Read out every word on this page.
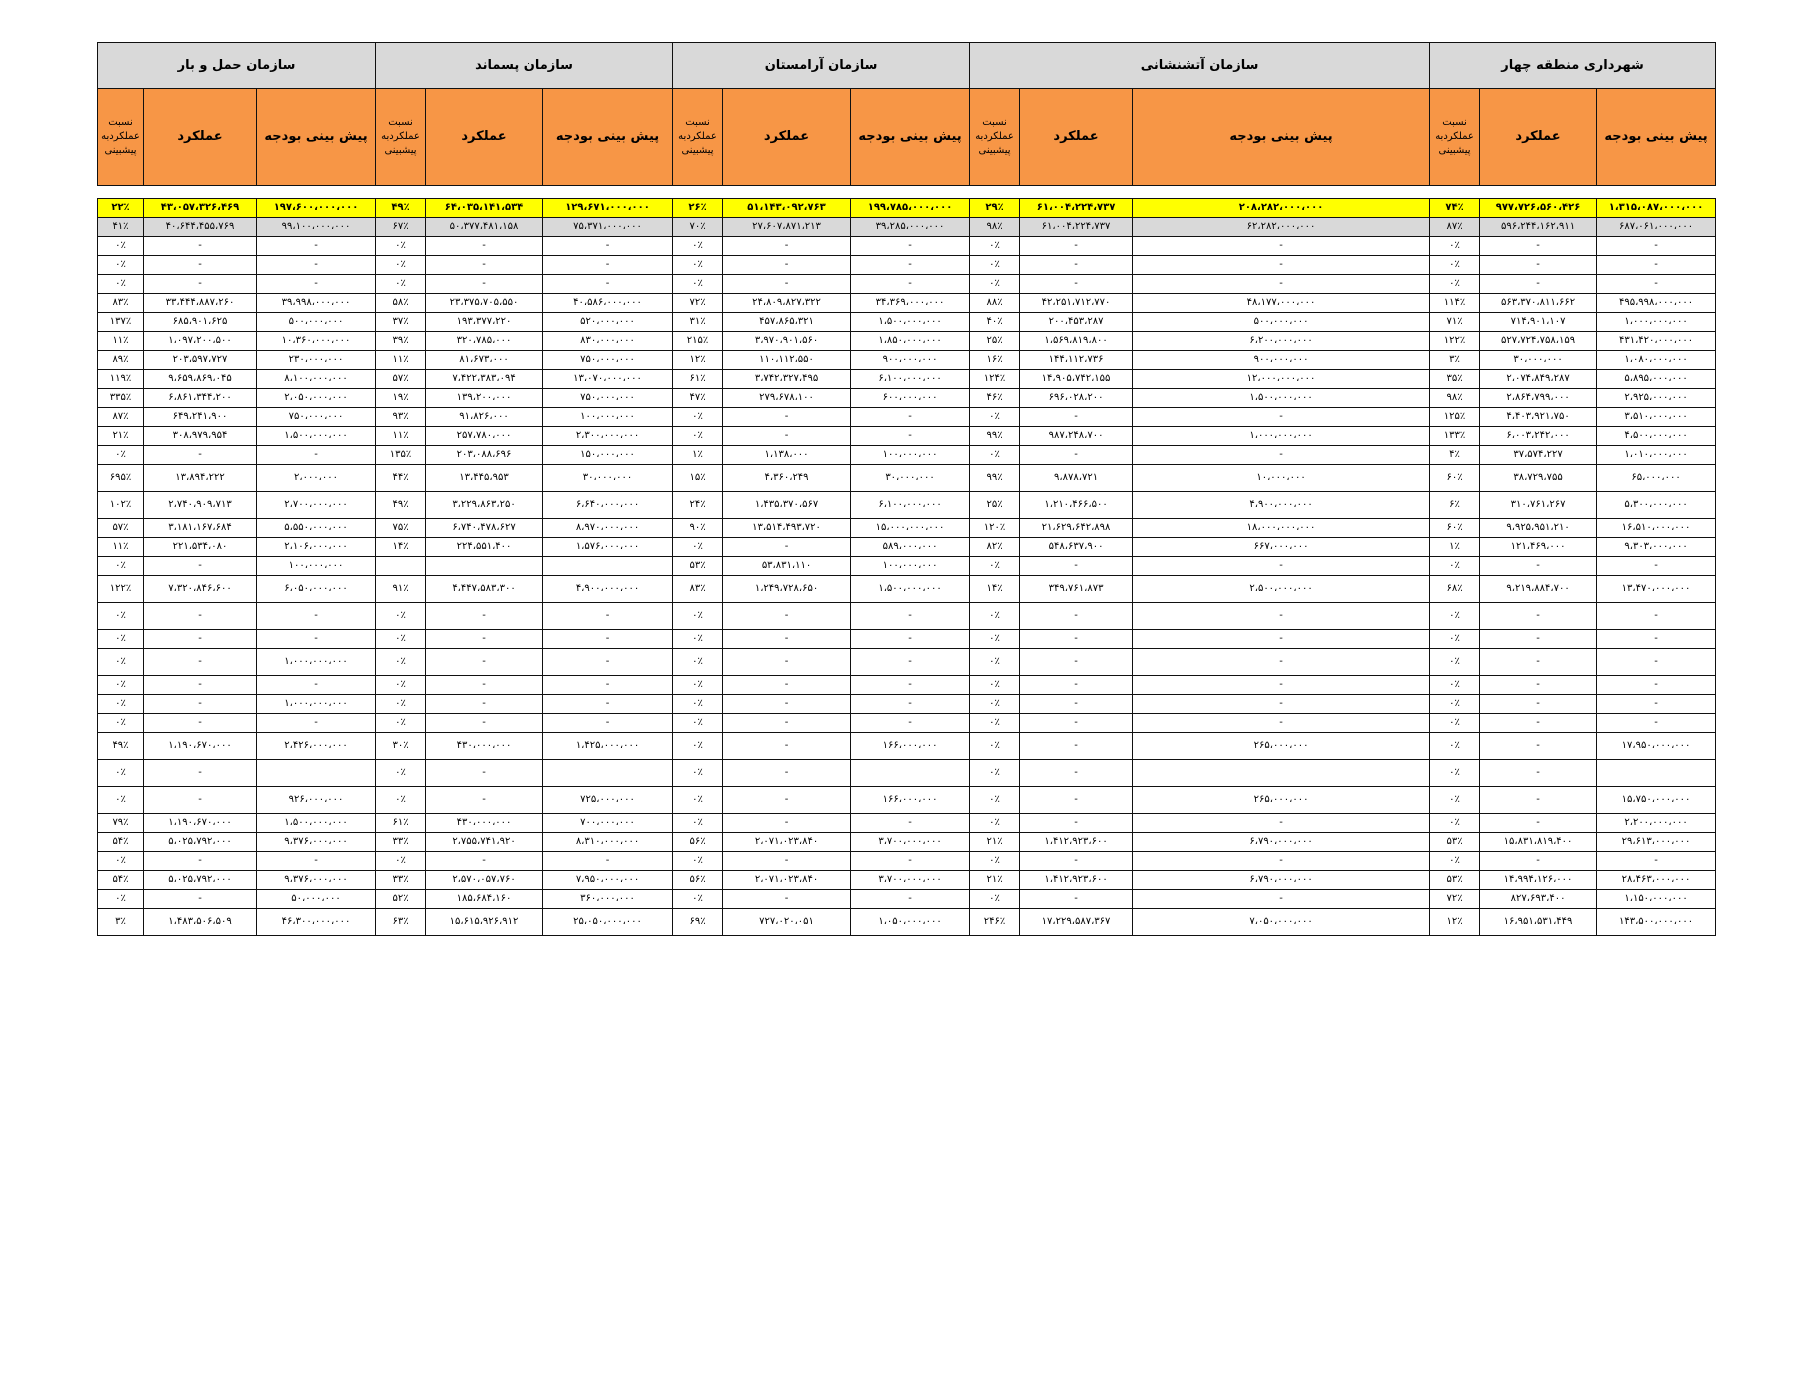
سازمان حمل و بار			سازمان پسماند			سازمان آرامستان			سازمان آتشنشانی			شهرداری منطقه چهار		
نسبت عملکردبه پیشبینی	عملکرد	پیش بینی بودجه	نسبت عملکردبه پیشبینی	عملکرد	پیش بینی بودجه	نسبت عملکردبه پیشبینی	عملکرد	پیش بینی بودجه	نسبت عملکردبه پیشبینی	عملکرد	پیش بینی بودجه	نسبت عملکردبه پیشبینی	عملکرد	پیش بینی بودجه

۲۲٪	۴۳،۰۵۷،۳۲۶،۴۶۹	۱۹۷،۶۰۰،۰۰۰،۰۰۰	۴۹٪	۶۴،۰۳۵،۱۴۱،۵۳۴	۱۲۹،۶۷۱،۰۰۰،۰۰۰	۲۶٪	۵۱،۱۴۳،۰۹۲،۷۶۳	۱۹۹،۷۸۵،۰۰۰،۰۰۰	۲۹٪	۶۱،۰۰۴،۲۲۴،۷۳۷	۲۰۸،۲۸۲،۰۰۰،۰۰۰	۷۴٪	۹۷۷،۷۲۶،۵۶۰،۴۲۶	۱،۳۱۵،۰۸۷،۰۰۰،۰۰۰
۴۱٪	۴۰،۶۴۴،۴۵۵،۷۶۹	۹۹،۱۰۰،۰۰۰،۰۰۰	۶۷٪	۵۰،۳۷۷،۴۸۱،۱۵۸	۷۵،۳۷۱،۰۰۰،۰۰۰	۷۰٪	۲۷،۶۰۷،۸۷۱،۲۱۳	۳۹،۲۸۵،۰۰۰،۰۰۰	۹۸٪	۶۱،۰۰۴،۲۲۴،۷۳۷	۶۲،۲۸۲،۰۰۰،۰۰۰	۸۷٪	۵۹۶،۲۴۴،۱۶۲،۹۱۱	۶۸۷،۰۶۱،۰۰۰،۰۰۰
۰٪	-	-	۰٪	-	-	۰٪	-	-	۰٪	-	-	۰٪	-	-
۰٪	-	-	۰٪	-	-	۰٪	-	-	۰٪	-	-	۰٪	-	-
۰٪	-	-	۰٪	-	-	۰٪	-	-	۰٪	-	-	۰٪	-	-
۸۳٪	۳۳،۴۴۴،۸۸۷،۲۶۰	۳۹،۹۹۸،۰۰۰،۰۰۰	۵۸٪	۲۳،۳۷۵،۷۰۵،۵۵۰	۴۰،۵۸۶،۰۰۰،۰۰۰	۷۲٪	۲۴،۸۰۹،۸۲۷،۳۲۲	۳۴،۳۶۹،۰۰۰،۰۰۰	۸۸٪	۴۲،۲۵۱،۷۱۲،۷۷۰	۴۸،۱۷۷،۰۰۰،۰۰۰	۱۱۴٪	۵۶۳،۳۷۰،۸۱۱،۶۶۲	۴۹۵،۹۹۸،۰۰۰،۰۰۰
۱۳۷٪	۶۸۵،۹۰۱،۶۲۵	۵۰۰،۰۰۰،۰۰۰	۳۷٪	۱۹۳،۳۷۷،۲۲۰	۵۲۰،۰۰۰،۰۰۰	۳۱٪	۴۵۷،۸۶۵،۳۲۱	۱،۵۰۰،۰۰۰،۰۰۰	۴۰٪	۲۰۰،۴۵۳،۲۸۷	۵۰۰،۰۰۰،۰۰۰	۷۱٪	۷۱۴،۹۰۱،۱۰۷	۱،۰۰۰،۰۰۰،۰۰۰
۱۱٪	۱،۰۹۷،۲۰۰،۵۰۰	۱۰،۳۶۰،۰۰۰،۰۰۰	۳۹٪	۳۲۰،۷۸۵،۰۰۰	۸۳۰،۰۰۰،۰۰۰	۲۱۵٪	۳،۹۷۰،۹۰۱،۵۶۰	۱،۸۵۰،۰۰۰،۰۰۰	۲۵٪	۱،۵۶۹،۸۱۹،۸۰۰	۶،۲۰۰،۰۰۰،۰۰۰	۱۲۲٪	۵۲۷،۷۲۴،۷۵۸،۱۵۹	۴۳۱،۴۲۰،۰۰۰،۰۰۰
۸۹٪	۲۰۳،۵۹۷،۷۲۷	۲۳۰،۰۰۰،۰۰۰	۱۱٪	۸۱،۶۷۳،۰۰۰	۷۵۰،۰۰۰،۰۰۰	۱۲٪	۱۱۰،۱۱۲،۵۵۰	۹۰۰،۰۰۰،۰۰۰	۱۶٪	۱۴۴،۱۱۲،۷۳۶	۹۰۰،۰۰۰،۰۰۰	۳٪	۳۰،۰۰۰،۰۰۰	۱،۰۸۰،۰۰۰،۰۰۰
۱۱۹٪	۹،۶۵۹،۸۶۹،۰۴۵	۸،۱۰۰،۰۰۰،۰۰۰	۵۷٪	۷،۴۲۲،۳۸۳،۰۹۴	۱۳،۰۷۰،۰۰۰،۰۰۰	۶۱٪	۳،۷۴۲،۳۲۷،۴۹۵	۶،۱۰۰،۰۰۰،۰۰۰	۱۲۴٪	۱۴،۹۰۵،۷۴۲،۱۵۵	۱۲،۰۰۰،۰۰۰،۰۰۰	۳۵٪	۲،۰۷۴،۸۴۹،۲۸۷	۵،۸۹۵،۰۰۰،۰۰۰
۳۳۵٪	۶،۸۶۱،۳۴۴،۲۰۰	۲،۰۵۰،۰۰۰،۰۰۰	۱۹٪	۱۳۹،۲۰۰،۰۰۰	۷۵۰،۰۰۰،۰۰۰	۴۷٪	۲۷۹،۶۷۸،۱۰۰	۶۰۰،۰۰۰،۰۰۰	۴۶٪	۶۹۶،۰۲۸،۲۰۰	۱،۵۰۰،۰۰۰،۰۰۰	۹۸٪	۲،۸۶۴،۷۹۹،۰۰۰	۲،۹۲۵،۰۰۰،۰۰۰
۸۷٪	۶۴۹،۲۴۱،۹۰۰	۷۵۰،۰۰۰،۰۰۰	۹۳٪	۹۱،۸۲۶،۰۰۰	۱۰۰،۰۰۰،۰۰۰	۰٪	-	-	۰٪	-	-	۱۲۵٪	۴،۴۰۳،۹۲۱،۷۵۰	۳،۵۱۰،۰۰۰،۰۰۰
۲۱٪	۳۰۸،۹۷۹،۹۵۴	۱،۵۰۰،۰۰۰،۰۰۰	۱۱٪	۲۵۷،۷۸۰،۰۰۰	۲،۳۰۰،۰۰۰،۰۰۰	۰٪	-	-	۹۹٪	۹۸۷،۲۴۸،۷۰۰	۱،۰۰۰،۰۰۰،۰۰۰	۱۳۳٪	۶،۰۰۳،۲۴۲،۰۰۰	۴،۵۰۰،۰۰۰،۰۰۰
۰٪	-	-	۱۳۵٪	۲۰۳،۰۸۸،۶۹۶	۱۵۰،۰۰۰،۰۰۰	۱٪	۱،۱۳۸،۰۰۰	۱۰۰،۰۰۰،۰۰۰	۰٪	-	-	۴٪	۳۷،۵۷۴،۲۲۷	۱،۰۱۰،۰۰۰،۰۰۰
۶۹۵٪	۱۳،۸۹۴،۲۲۲	۲،۰۰۰،۰۰۰	۴۴٪	۱۳،۴۴۵،۹۵۳	۳۰،۰۰۰،۰۰۰	۱۵٪	۴،۳۶۰،۲۴۹	۳۰،۰۰۰،۰۰۰	۹۹٪	۹،۸۷۸،۷۲۱	۱۰،۰۰۰،۰۰۰	۶۰٪	۳۸،۷۲۹،۷۵۵	۶۵،۰۰۰،۰۰۰
۱۰۲٪	۲،۷۴۰،۹۰۹،۷۱۳	۲،۷۰۰،۰۰۰،۰۰۰	۴۹٪	۳،۲۲۹،۸۶۳،۲۵۰	۶،۶۴۰،۰۰۰،۰۰۰	۲۴٪	۱،۴۳۵،۳۷۰،۵۶۷	۶،۱۰۰،۰۰۰،۰۰۰	۲۵٪	۱،۲۱۰،۴۶۶،۵۰۰	۴،۹۰۰،۰۰۰،۰۰۰	۶٪	۳۱۰،۷۶۱،۲۶۷	۵،۳۰۰،۰۰۰،۰۰۰
۵۷٪	۳،۱۸۱،۱۶۷،۶۸۴	۵،۵۵۰،۰۰۰،۰۰۰	۷۵٪	۶،۷۴۰،۴۷۸،۶۲۷	۸،۹۷۰،۰۰۰،۰۰۰	۹۰٪	۱۳،۵۱۴،۴۹۳،۷۲۰	۱۵،۰۰۰،۰۰۰،۰۰۰	۱۲۰٪	۲۱،۶۲۹،۶۴۲،۸۹۸	۱۸،۰۰۰،۰۰۰،۰۰۰	۶۰٪	۹،۹۲۵،۹۵۱،۲۱۰	۱۶،۵۱۰،۰۰۰،۰۰۰
۱۱٪	۲۲۱،۵۳۴،۰۸۰	۲،۱۰۶،۰۰۰،۰۰۰	۱۴٪	۲۲۴،۵۵۱،۴۰۰	۱،۵۷۶،۰۰۰،۰۰۰	۰٪	-	۵۸۹،۰۰۰،۰۰۰	۸۲٪	۵۴۸،۶۳۷،۹۰۰	۶۶۷،۰۰۰،۰۰۰	۱٪	۱۲۱،۴۶۹،۰۰۰	۹،۳۰۳،۰۰۰،۰۰۰
۰٪	-	۱۰۰،۰۰۰،۰۰۰				۵۳٪	۵۳،۸۳۱،۱۱۰	۱۰۰،۰۰۰،۰۰۰	۰٪	-	-	۰٪	-	-
۱۲۲٪	۷،۳۲۰،۸۴۶،۶۰۰	۶،۰۵۰،۰۰۰،۰۰۰	۹۱٪	۴،۴۴۷،۵۸۳،۳۰۰	۴،۹۰۰،۰۰۰،۰۰۰	۸۳٪	۱،۲۴۹،۷۲۸،۶۵۰	۱،۵۰۰،۰۰۰،۰۰۰	۱۴٪	۳۴۹،۷۶۱،۸۷۳	۲،۵۰۰،۰۰۰،۰۰۰	۶۸٪	۹،۲۱۹،۸۸۴،۷۰۰	۱۳،۴۷۰،۰۰۰،۰۰۰
۰٪	-	-	۰٪	-	-	۰٪	-	-	۰٪	-	-	۰٪	-	-
۰٪	-	-	۰٪	-	-	۰٪	-	-	۰٪	-	-	۰٪	-	-
۰٪	-	۱،۰۰۰،۰۰۰،۰۰۰	۰٪	-	-	۰٪	-	-	۰٪	-	-	۰٪	-	-
۰٪	-	-	۰٪	-	-	۰٪	-	-	۰٪	-	-	۰٪	-	-
۰٪	-	۱،۰۰۰،۰۰۰،۰۰۰	۰٪	-	-	۰٪	-	-	۰٪	-	-	۰٪	-	-
۰٪	-	-	۰٪	-	-	۰٪	-	-	۰٪	-	-	۰٪	-	-
۴۹٪	۱،۱۹۰،۶۷۰،۰۰۰	۲،۴۲۶،۰۰۰،۰۰۰	۳۰٪	۴۳۰،۰۰۰،۰۰۰	۱،۴۲۵،۰۰۰،۰۰۰	۰٪	-	۱۶۶،۰۰۰،۰۰۰	۰٪	-	۲۶۵،۰۰۰،۰۰۰	۰٪	-	۱۷،۹۵۰،۰۰۰،۰۰۰
۰٪	-		۰٪	-		۰٪	-		۰٪	-		۰٪	-	
۰٪	-	۹۲۶،۰۰۰،۰۰۰	۰٪	-	۷۲۵،۰۰۰،۰۰۰	۰٪	-	۱۶۶،۰۰۰،۰۰۰	۰٪	-	۲۶۵،۰۰۰،۰۰۰	۰٪	-	۱۵،۷۵۰،۰۰۰،۰۰۰
۷۹٪	۱،۱۹۰،۶۷۰،۰۰۰	۱،۵۰۰،۰۰۰،۰۰۰	۶۱٪	۴۳۰،۰۰۰،۰۰۰	۷۰۰،۰۰۰،۰۰۰	۰٪	-	-	۰٪	-	-	۰٪	-	۲،۲۰۰،۰۰۰،۰۰۰
۵۴٪	۵،۰۲۵،۷۹۲،۰۰۰	۹،۳۷۶،۰۰۰،۰۰۰	۳۳٪	۲،۷۵۵،۷۴۱،۹۲۰	۸،۳۱۰،۰۰۰،۰۰۰	۵۶٪	۲،۰۷۱،۰۲۳،۸۴۰	۳،۷۰۰،۰۰۰،۰۰۰	۲۱٪	۱،۴۱۲،۹۲۳،۶۰۰	۶،۷۹۰،۰۰۰،۰۰۰	۵۳٪	۱۵،۸۳۱،۸۱۹،۴۰۰	۲۹،۶۱۳،۰۰۰،۰۰۰
۰٪	-	-	۰٪	-	-	۰٪	-	-	۰٪	-	-	۰٪	-	-
۵۴٪	۵،۰۲۵،۷۹۲،۰۰۰	۹،۳۷۶،۰۰۰،۰۰۰	۳۳٪	۲،۵۷۰،۰۵۷،۷۶۰	۷،۹۵۰،۰۰۰،۰۰۰	۵۶٪	۲،۰۷۱،۰۲۳،۸۴۰	۳،۷۰۰،۰۰۰،۰۰۰	۲۱٪	۱،۴۱۲،۹۲۳،۶۰۰	۶،۷۹۰،۰۰۰،۰۰۰	۵۳٪	۱۴،۹۹۴،۱۲۶،۰۰۰	۲۸،۴۶۳،۰۰۰،۰۰۰
۰٪	-	۵۰،۰۰۰،۰۰۰	۵۲٪	۱۸۵،۶۸۴،۱۶۰	۳۶۰،۰۰۰،۰۰۰	۰٪	-	-	۰٪	-	-	۷۲٪	۸۲۷،۶۹۳،۴۰۰	۱،۱۵۰،۰۰۰،۰۰۰
۳٪	۱،۴۸۳،۵۰۶،۵۰۹	۴۶،۳۰۰،۰۰۰،۰۰۰	۶۳٪	۱۵،۶۱۵،۹۲۶،۹۱۲	۲۵،۰۵۰،۰۰۰،۰۰۰	۶۹٪	۷۲۷،۰۲۰،۰۵۱	۱،۰۵۰،۰۰۰،۰۰۰	۲۴۶٪	۱۷،۲۲۹،۵۸۷،۳۶۷	۷،۰۵۰،۰۰۰،۰۰۰	۱۲٪	۱۶،۹۵۱،۵۳۱،۴۴۹	۱۴۳،۵۰۰،۰۰۰،۰۰۰
